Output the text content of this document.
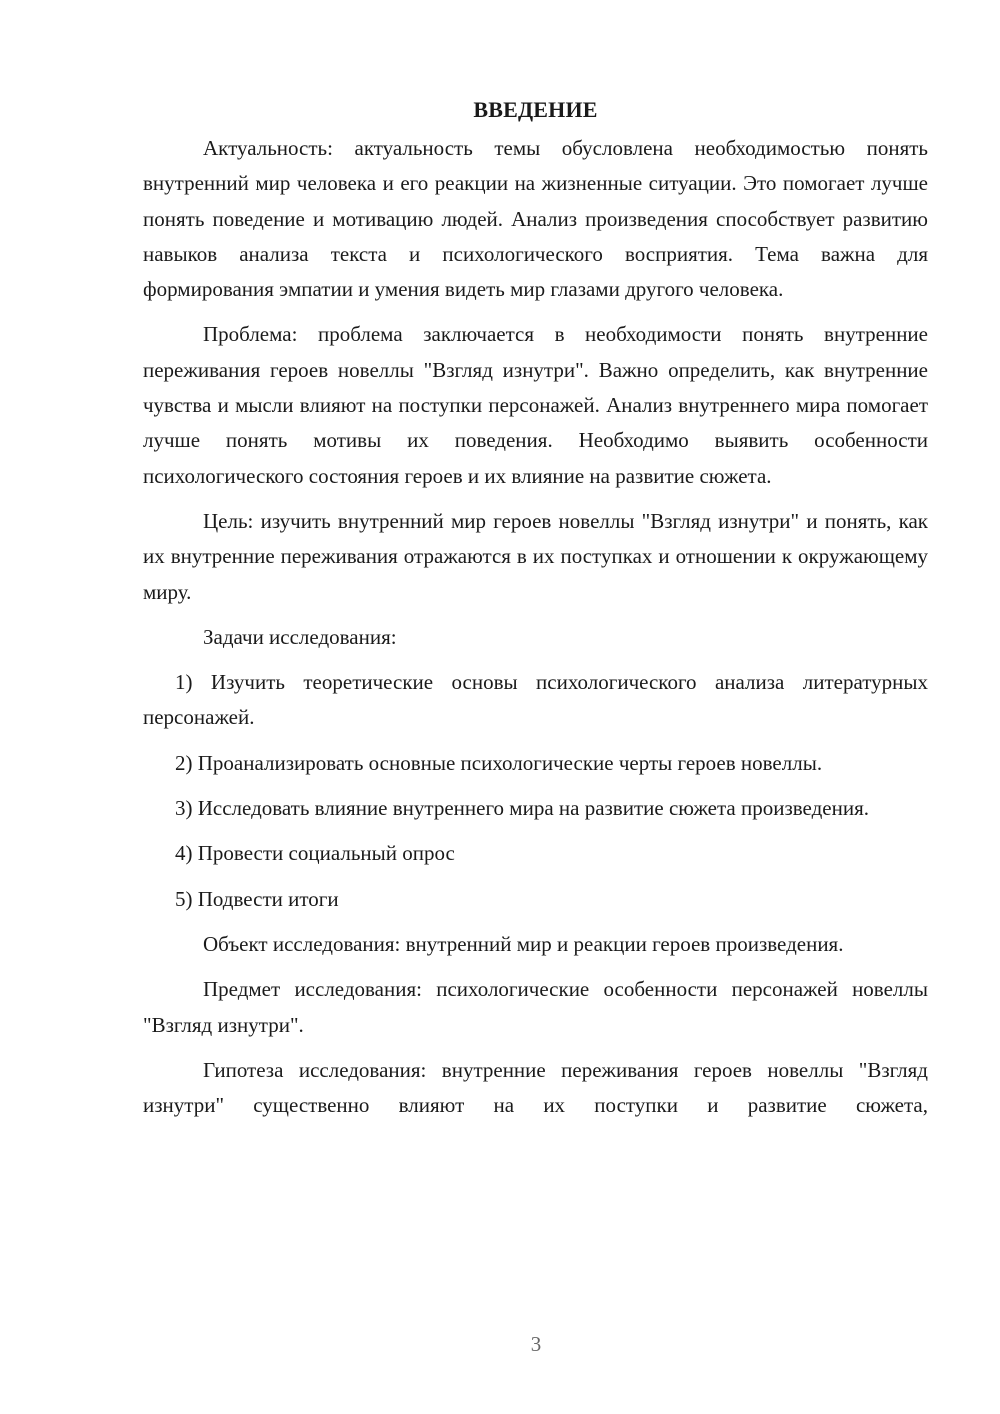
ВВЕДЕНИЕ

Актуальность: актуальность темы обусловлена необходимостью понять внутренний мир человека и его реакции на жизненные ситуации. Это помогает лучше понять поведение и мотивацию людей. Анализ произведения способствует развитию навыков анализа текста и психологического восприятия. Тема важна для формирования эмпатии и умения видеть мир глазами другого человека.

Проблема: проблема заключается в необходимости понять внутренние переживания героев новеллы "Взгляд изнутри". Важно определить, как внутренние чувства и мысли влияют на поступки персонажей. Анализ внутреннего мира помогает лучше понять мотивы их поведения. Необходимо выявить особенности психологического состояния героев и их влияние на развитие сюжета.

Цель: изучить внутренний мир героев новеллы "Взгляд изнутри" и понять, как их внутренние переживания отражаются в их поступках и отношении к окружающему миру.

Задачи исследования:

1) Изучить теоретические основы психологического анализа литературных персонажей.

2) Проанализировать основные психологические черты героев новеллы.

3) Исследовать влияние внутреннего мира на развитие сюжета произведения.

4) Провести социальный опрос

5) Подвести итоги

Объект исследования: внутренний мир и реакции героев произведения.

Предмет исследования: психологические особенности персонажей новеллы "Взгляд изнутри".

Гипотеза исследования: внутренние переживания героев новеллы "Взгляд изнутри" существенно влияют на их поступки и развитие сюжета,

3
